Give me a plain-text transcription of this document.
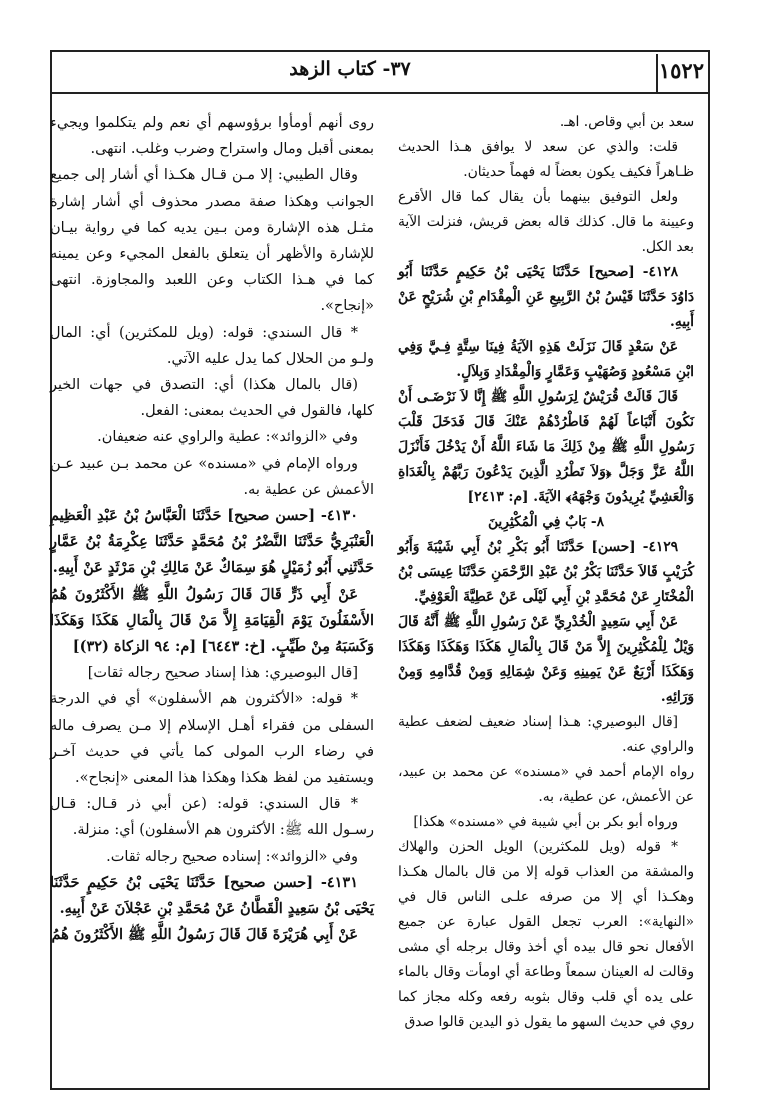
١٥٢٢
٣٧- كتاب الزهد

سعد بن أبي وقاص. اهـ.

قلت: والذي عن سعد لا يوافق هـذا الحديث ظـاهراً فكيف يكون بعضاً له فهماً حديثان.

ولعل التوفيق بينهما بأن يقال كما قال الأقرع وعيينة ما قال. كذلك قاله بعض قريش، فنزلت الآية بعد الكل.

٤١٢٨- [صحيح] حَدَّثَنَا يَحْيَى بْنُ حَكِيمٍ حَدَّثَنَا أَبُو دَاوُدَ حَدَّثَنَا قَيْسُ بْنُ الرَّبِيعِ عَنِ الْمِقْدَامِ بْنِ شُرَيْحٍ عَنْ أَبِيهِ.

عَنْ سَعْدٍ قَالَ نَزَلَتْ هَذِهِ الآيَةُ فِينَا سِتَّةٍ فِـيَّ وَفِي ابْنِ مَسْعُودٍ وَصُهَيْبٍ وَعَمَّارٍ وَالْمِقْدَادِ وَبِلاَلٍ.

قَالَ قَالَتْ قُرَيْشٌ لِرَسُولِ اللَّهِ ﷺ إِنَّا لاَ نَرْضَـى أَنْ نَكُونَ أَتْبَاعاً لَهُمْ فَاطْرُدْهُمْ عَنْكَ قَالَ فَدَخَلَ قَلْبَ رَسُولِ اللَّهِ ﷺ مِنْ ذَلِكَ مَا شَاءَ اللَّهُ أَنْ يَدْخُلَ فَأَنْزَلَ اللَّهُ عَزَّ وَجَلَّ ﴿وَلاَ تَطْرُدِ الَّذِينَ يَدْعُونَ رَبَّهُمْ بِالْغَدَاةِ وَالْعَشِيِّ يُرِيدُونَ وَجْهَهُ﴾ الآيَةَ. [م: ٢٤١٣]

٨- بَابٌ فِي الْمُكْثِرِينَ

٤١٢٩- [حسن] حَدَّثَنَا أَبُو بَكْرِ بْنُ أَبِي شَيْبَةَ وَأَبُو كُرَيْبٍ قَالاَ حَدَّثَنَا بَكْرُ بْنُ عَبْدِ الرَّحْمَنِ حَدَّثَنَا عِيسَى بْنُ الْمُخْتَارِ عَنْ مُحَمَّدِ بْنِ أَبِي لَيْلَى عَنْ عَطِيَّةَ الْعَوْفِيِّ.

عَنْ أَبِي سَعِيدٍ الْخُدْرِيِّ عَنْ رَسُولِ اللَّهِ ﷺ أَنَّهُ قَالَ وَيْلٌ لِلْمُكْثِرِينَ إِلاَّ مَنْ قَالَ بِالْمَالِ هَكَذَا وَهَكَذَا وَهَكَذَا وَهَكَذَا أَرْبَعٌ عَنْ يَمِينِهِ وَعَنْ شِمَالِهِ وَمِنْ قُدَّامِهِ وَمِنْ وَرَائِهِ.

[قال البوصيري: هـذا إسناد ضعيف لضعف عطية والراوي عنه.

رواه الإمام أحمد في «مسنده» عن محمد بن عبيد، عن الأعمش، عن عطية، به.

ورواه أبو بكر بن أبي شيبة في «مسنده» هكذا]

* قوله (ويل للمكثرين) الويل الحزن والهلاك والمشقة من العذاب قوله إلا من قال بالمال هكـذا وهكـذا أي إلا من صرفه علـى الناس قال في «النهاية»: العرب تجعل القول عبارة عن جميع الأفعال نحو قال بيده أي أخذ وقال برجله أي مشى وقالت له العينان سمعاً وطاعة أي اومأت وقال بالماء على يده أي قلب وقال بثوبه رفعه وكله مجاز كما روي في حديث السهو ما يقول ذو اليدين قالوا صدق

روى أنهم أومأوا برؤوسهم أي نعم ولم يتكلموا ويجيء بمعنى أقبل ومال واستراح وضرب وغلب. انتهى.

وقال الطيبي: إلا مـن قـال هكـذا أي أشار إلى جميع الجوانب وهكذا صفة مصدر محذوف أي أشار إشارة مثـل هذه الإشارة ومن بـين يديه كما في رواية بيـان للإشارة والأظهر أن يتعلق بالفعل المجيء وعن يمينه كما في هـذا الكتاب وعن اللعبد والمجاوزة. انتهى «إنجاح».

* قال السندي: قوله: (ويل للمكثرين) أي: المال ولـو من الحلال كما يدل عليه الآتي.

(قال بالمال هكذا) أي: التصدق في جهات الخير كلها، فالقول في الحديث بمعنى: الفعل.

وفي «الزوائد»: عطية والراوي عنه ضعيفان.

ورواه الإمام في «مسنده» عن محمد بـن عبيد عـن الأعمش عن عطية به.

٤١٣٠- [حسن صحيح] حَدَّثَنَا الْعَبَّاسُ بْنُ عَبْدِ الْعَظِيمِ الْعَنْبَرِيُّ حَدَّثَنَا النَّضْرُ بْنُ مُحَمَّدٍ حَدَّثَنَا عِكْرِمَةُ بْنُ عَمَّارٍ حَدَّثَنِي أَبُو زُمَيْلٍ هُوَ سِمَاكٌ عَنْ مَالِكِ بْنِ مَرْثَدٍ عَنْ أَبِيهِ.

عَنْ أَبِي ذَرٍّ قَالَ قَالَ رَسُولُ اللَّهِ ﷺ الأَكْثَرُونَ هُمُ الأَسْفَلُونَ يَوْمَ الْقِيَامَةِ إِلاَّ مَنْ قَالَ بِالْمَالِ هَكَذَا وَهَكَذَا وَكَسَبَهُ مِنْ طَيِّبٍ. [خ: ٦٤٤٣] [م: ٩٤ الزكاة (٣٢)]

[قال البوصيري: هذا إسناد صحيح رجاله ثقات]

* قوله: «الأكثرون هم الأسفلون» أي في الدرجة السفلى من فقراء أهـل الإسلام إلا مـن يصرف ماله في رضاء الرب المولى كما يأتي في حديث آخـر ويستفيد من لفظ هكذا وهكذا هذا المعنى «إنجاح».

* قال السندي: قوله: (عن أبي ذر قـال: قـال رسـول الله ﷺ: الأكثرون هم الأسفلون) أي: منزلة.

وفي «الزوائد»: إسناده صحيح رجاله ثقات.

٤١٣١- [حسن صحيح] حَدَّثَنَا يَحْيَى بْنُ حَكِيمٍ حَدَّثَنَا يَحْيَى بْنُ سَعِيدٍ الْقَطَّانُ عَنْ مُحَمَّدِ بْنِ عَجْلاَنَ عَنْ أَبِيهِ.

عَنْ أَبِي هُرَيْرَةَ قَالَ قَالَ رَسُولُ اللَّهِ ﷺ الأَكْثَرُونَ هُمُ
